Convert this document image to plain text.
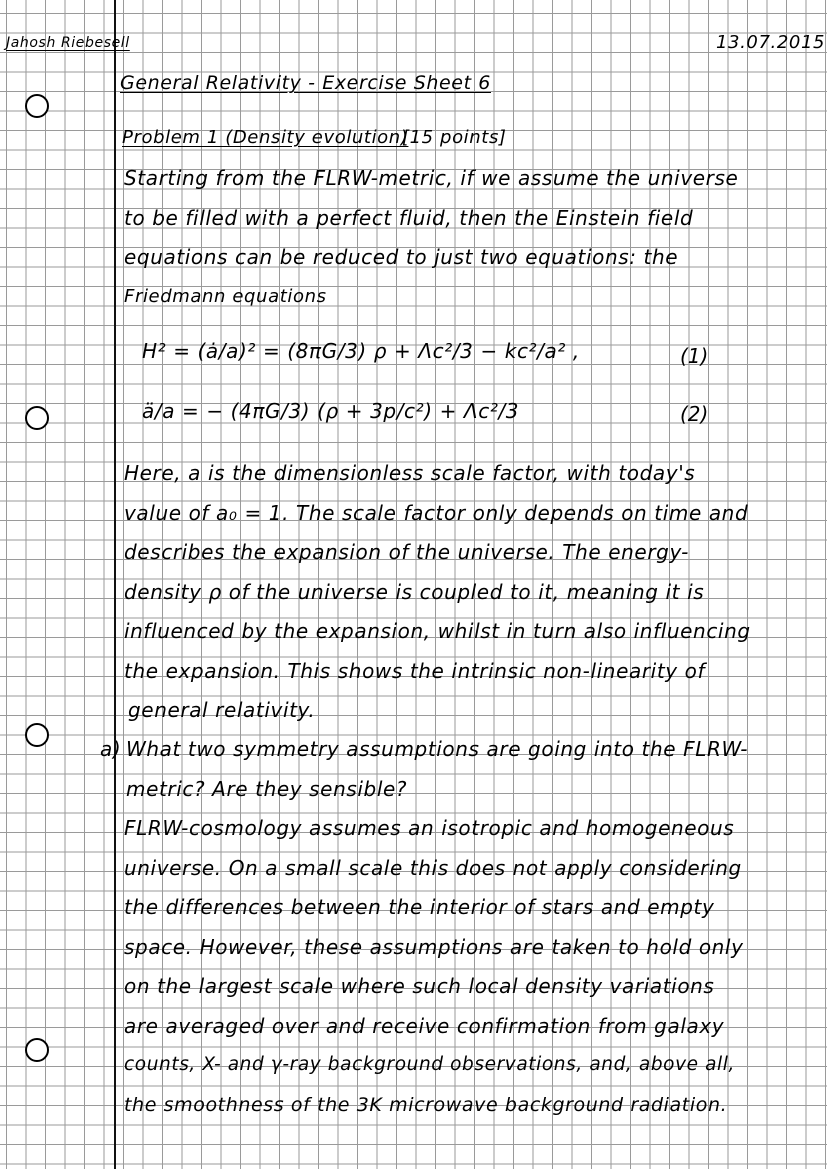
Jahosh Riebesell	13.07.2015
General Relativity - Exercise Sheet 6
Problem 1 (Density evolution)
[15 points]
Starting from the FLRW-metric, if we assume the universe
to be filled with a perfect fluid, then the Einstein field
equations can be reduced to just two equations: the
Friedmann equations
H² = (ȧ/a)² = (8πG/3) ρ + Λc²/3 − kc²/a² ,	(1)
ä/a = − (4πG/3) (ρ + 3p/c²) + Λc²/3	(2)
Here, a is the dimensionless scale factor, with today's
value of a₀ = 1. The scale factor only depends on time and
describes the expansion of the universe. The energy-
density ρ of the universe is coupled to it, meaning it is
influenced by the expansion, whilst in turn also influencing
the expansion. This shows the intrinsic non-linearity of
general relativity.
a) What two symmetry assumptions are going into the FLRW-
metric? Are they sensible?
FLRW-cosmology assumes an isotropic and homogeneous
universe. On a small scale this does not apply considering
the differences between the interior of stars and empty
space. However, these assumptions are taken to hold only
on the largest scale where such local density variations
are averaged over and receive confirmation from galaxy
counts, X- and γ-ray background observations, and, above all,
the smoothness of the 3K microwave background radiation.
